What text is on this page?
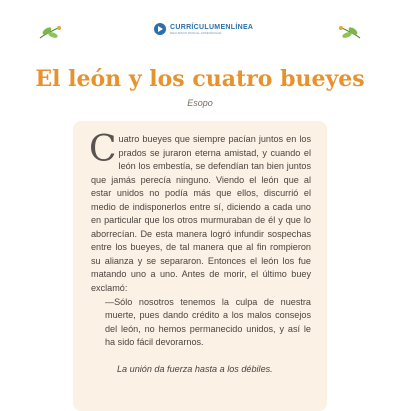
CURRÍCULUMENLÍNEA
RECURSOS PARA EL APRENDIZAJE
El león y los cuatro bueyes
Esopo

Cuatro bueyes que siempre pacían juntos en los prados se juraron eterna amistad, y cuando el león los embestía, se defendían tan bien juntos que jamás perecía ninguno. Viendo el león que al estar unidos no podía más que ellos, discurrió el medio de indisponerlos entre sí, diciendo a cada uno en particular que los otros murmuraban de él y que lo aborrecían. De esta manera logró infundir sospechas entre los bueyes, de tal manera que al fin rompieron su alianza y se separaron. Entonces el león los fue matando uno a uno. Antes de morir, el último buey exclamó:

—Sólo nosotros tenemos la culpa de nuestra muerte, pues dando crédito a los malos consejos del león, no hemos permanecido unidos, y así le ha sido fácil devorarnos.

La unión da fuerza hasta a los débiles.
